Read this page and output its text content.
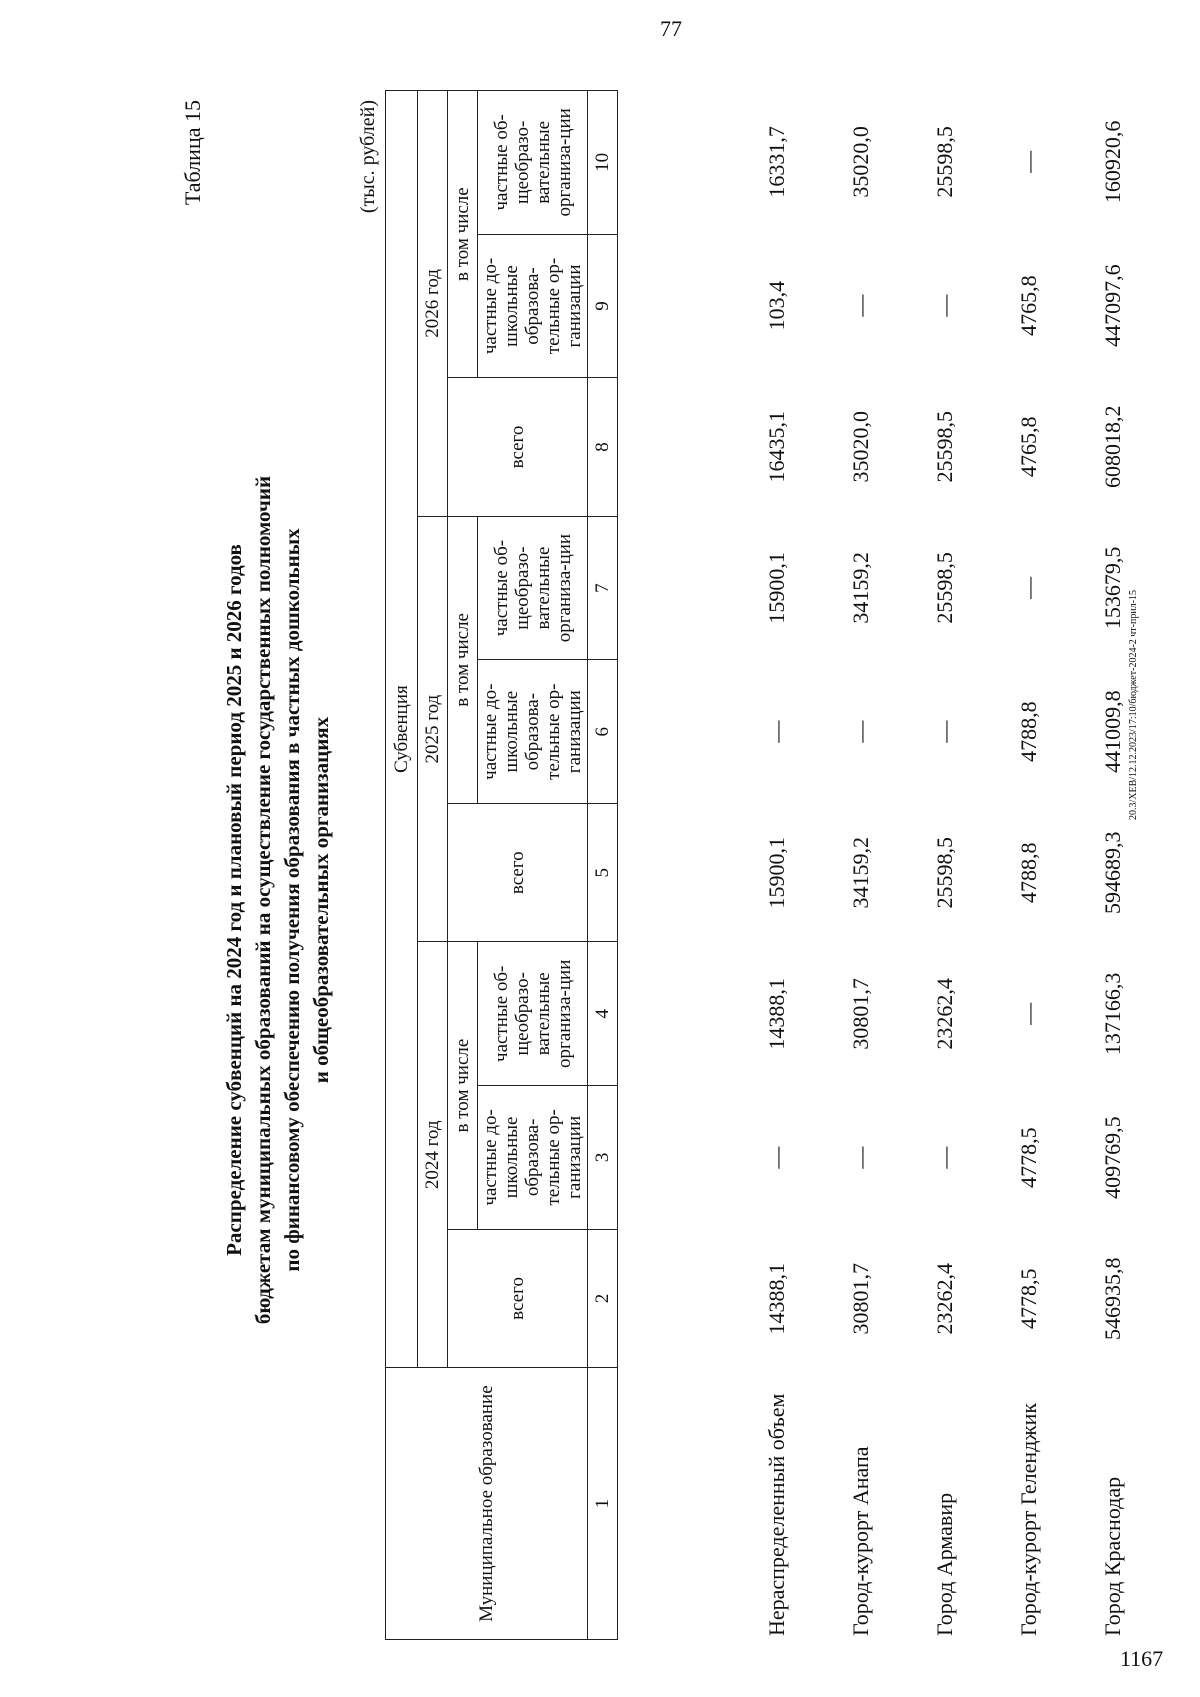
77
1167
20.3/XEB/12.12.2023/17:10/бюджет-2024-2 чт-прил-15
Таблица 15
Распределение субвенций на 2024 год и плановый период 2025 и 2026 годов бюджетам муниципальных образований на осуществление государственных полномочий по финансовому обеспечению получения образования в частных дошкольных и общеобразовательных организациях
(тыс. рублей)
Муниципальное образование	Субвенция								
	2024 год			2025 год			2026 год		
	всего	в том числе		всего	в том числе		всего	в том числе	
		частные до-школьные образова-тельные ор-ганизации	частные об-щеобразо-вательные организа-ции		частные до-школьные образова-тельные ор-ганизации	частные об-щеобразо-вательные организа-ции		частные до-школьные образова-тельные ор-ганизации	частные об-щеобразо-вательные организа-ции
1	2	3	4	5	6	7	8	9	10
Нераспределенный объем	14388,1	—	14388,1	15900,1	—	15900,1	16435,1	103,4	16331,7
Город-курорт Анапа	30801,7	—	30801,7	34159,2	—	34159,2	35020,0	—	35020,0
Город Армавир	23262,4	—	23262,4	25598,5	—	25598,5	25598,5	—	25598,5
Город-курорт Геленджик	4778,5	4778,5	—	4788,8	4788,8	—	4765,8	4765,8	—
Город Краснодар	546935,8	409769,5	137166,3	594689,3	441009,8	153679,5	608018,2	447097,6	160920,6
